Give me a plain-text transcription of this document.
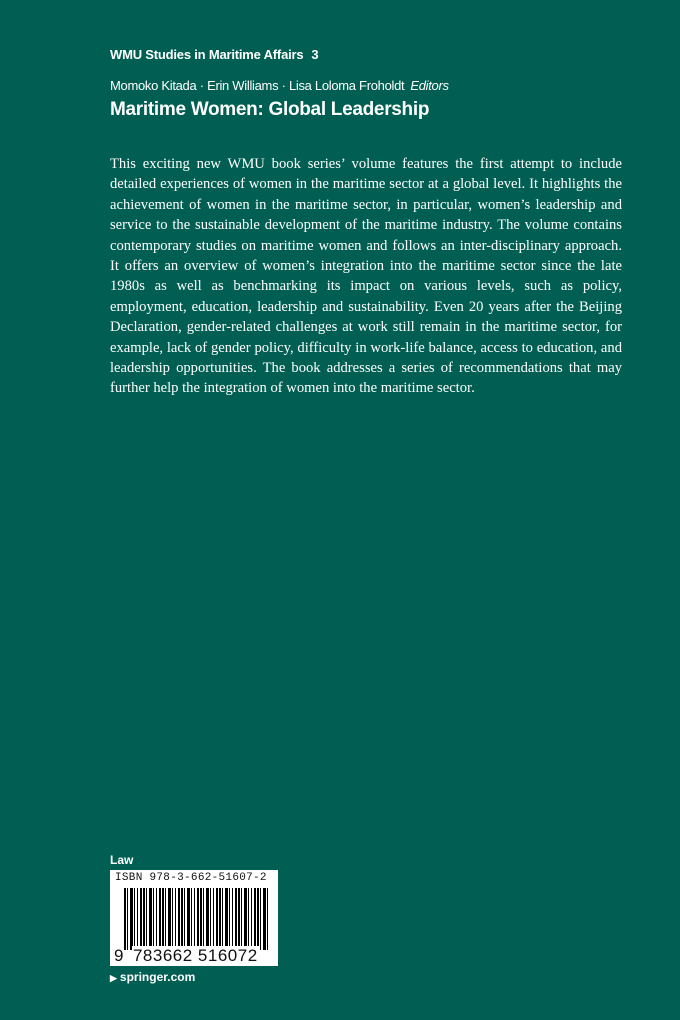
WMU Studies in Maritime Affairs 3
Momoko Kitada · Erin Williams · Lisa Loloma Froholdt Editors
Maritime Women: Global Leadership

This exciting new WMU book series’ volume features the first attempt to include detailed experiences of women in the maritime sector at a global level. It highlights the achievement of women in the maritime sector, in particular, women’s leadership and service to the sustainable development of the maritime industry. The volume contains contemporary studies on maritime women and follows an inter-disciplinary approach. It offers an overview of women’s integration into the maritime sector since the late 1980s as well as benchmarking its impact on various levels, such as policy, employment, education, leadership and sustainability. Even 20 years after the Beijing Declaration, gender-related challenges at work still remain in the maritime sector, for example, lack of gender policy, difficulty in work-life balance, access to education, and leadership opportunities. The book addresses a series of recommendations that may further help the integration of women into the maritime sector.

Law
ISBN 978-3-662-51607-2
9 783662 516072
▶ springer.com
